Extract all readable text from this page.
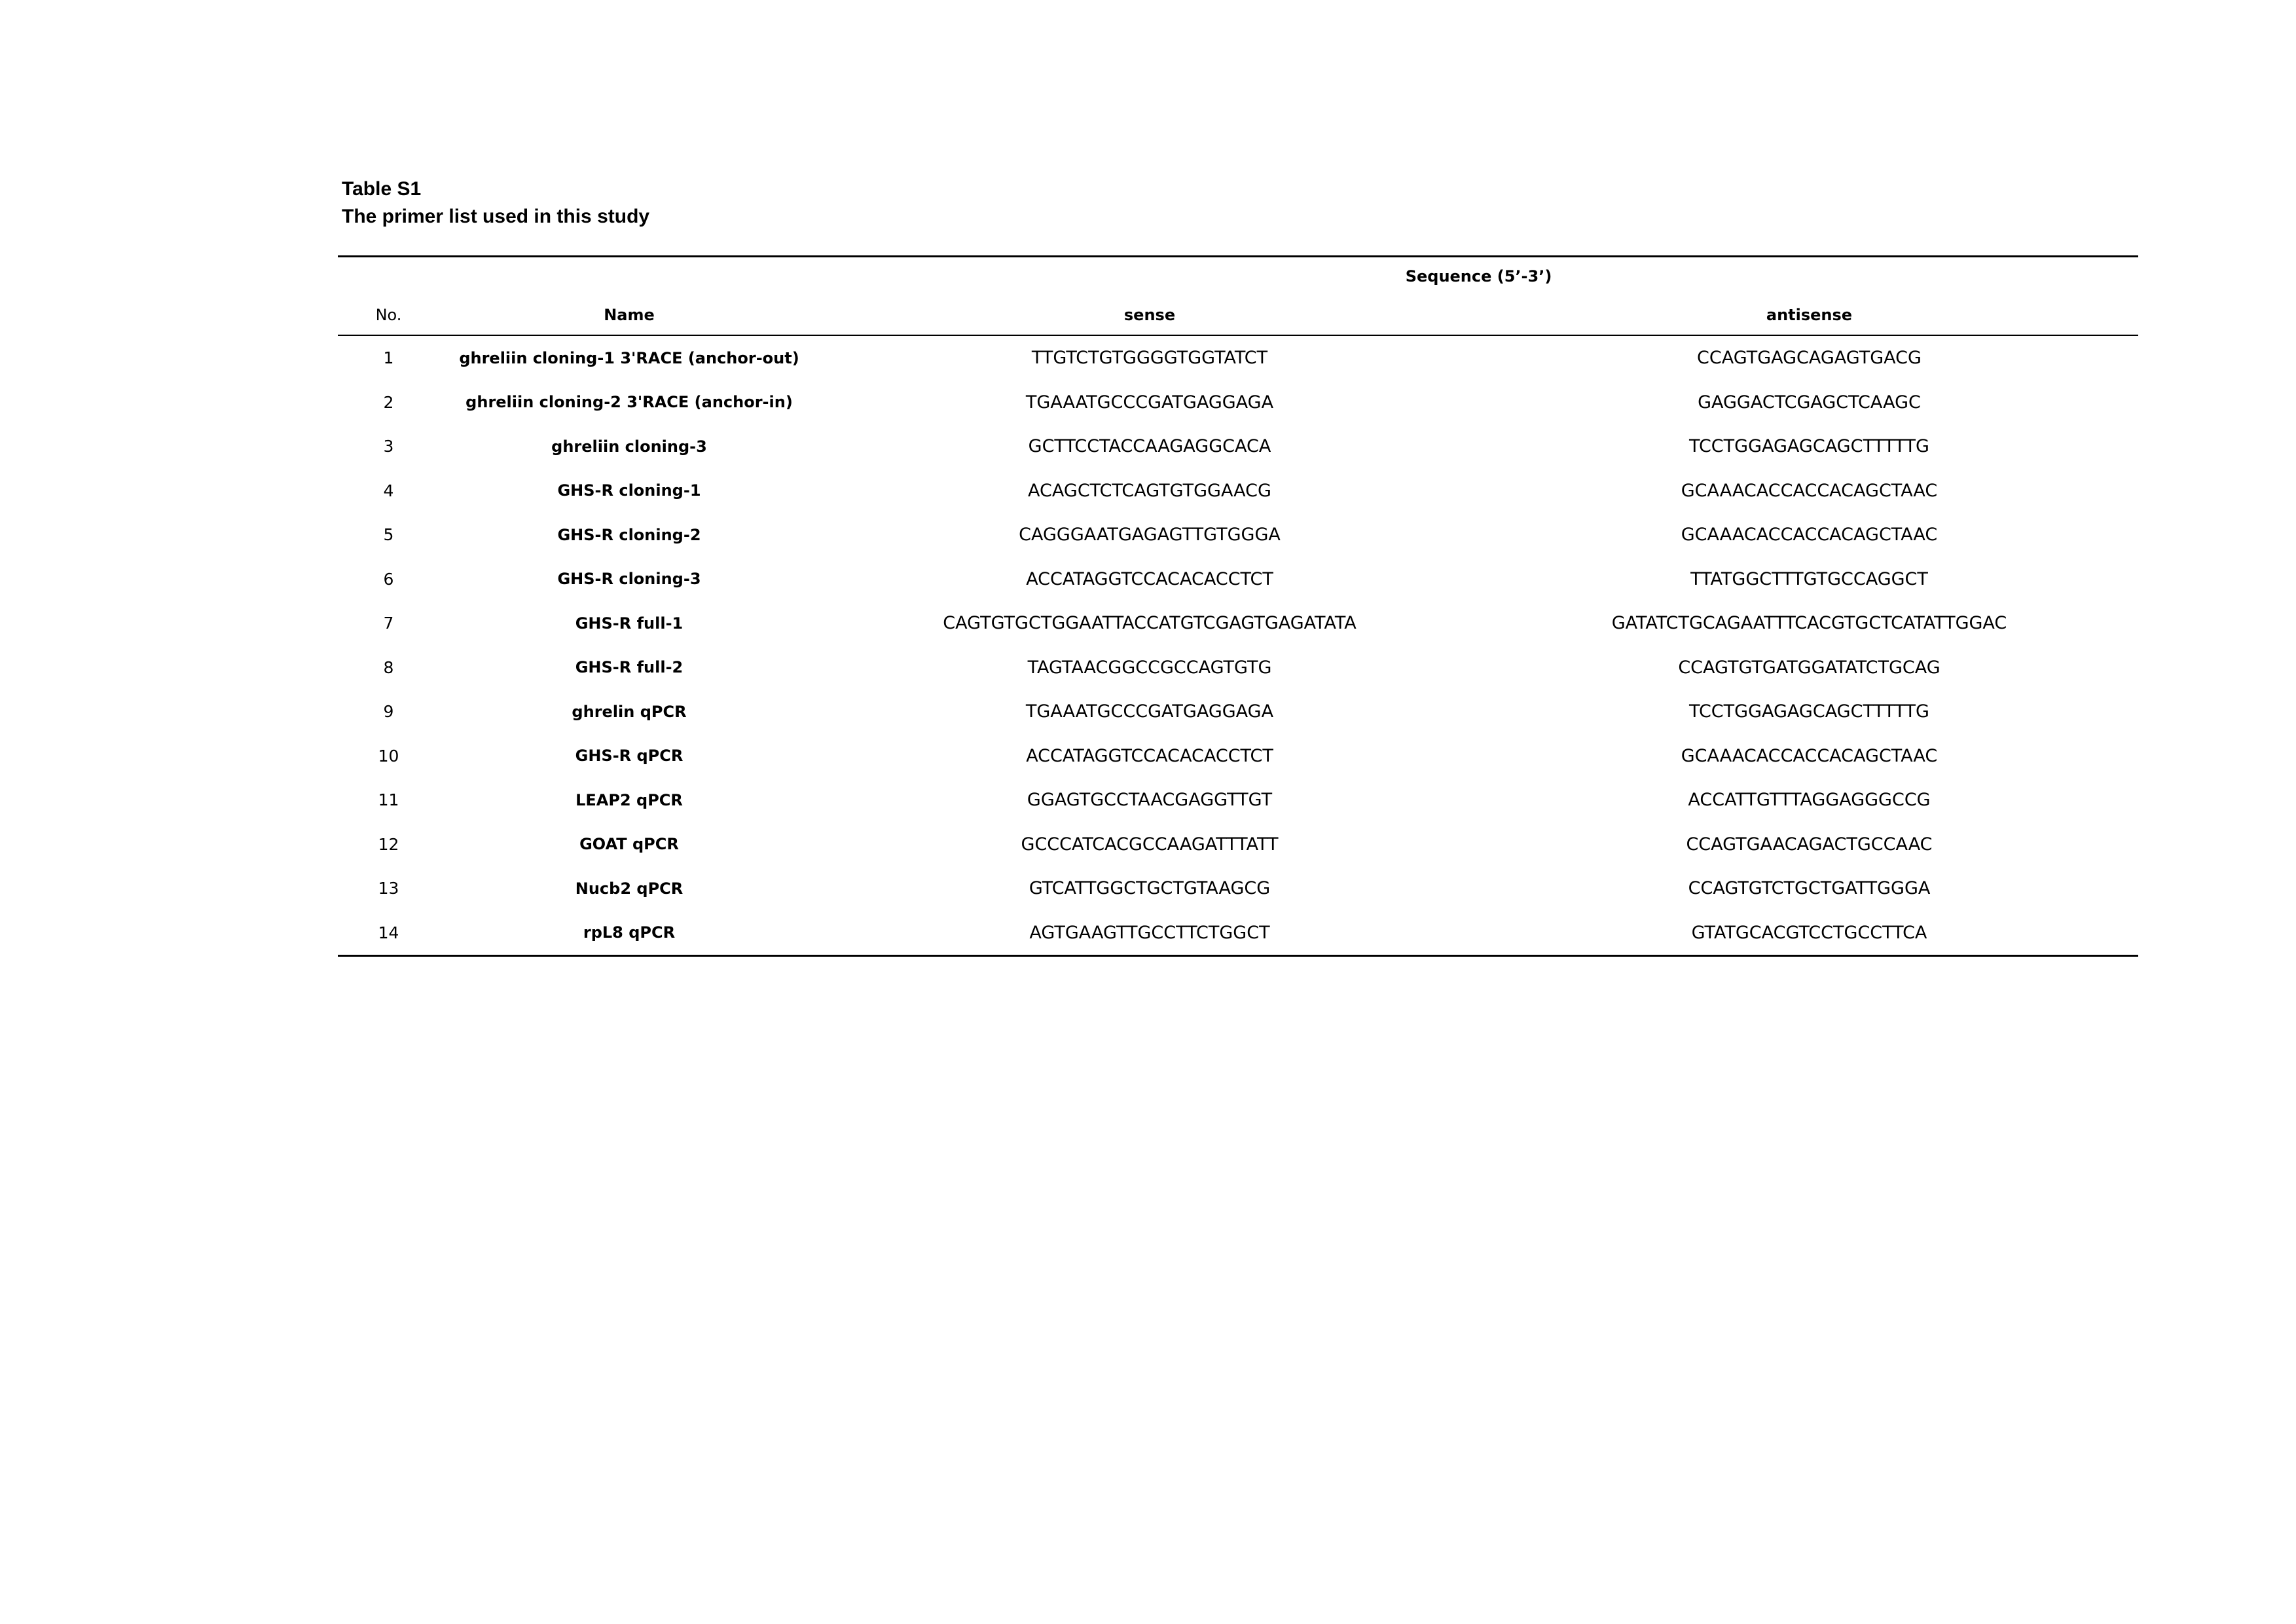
Table S1
The primer list used in this study
Sequence (5’-3’)
No.	Name	sense	antisense
1	ghreliin cloning-1 3'RACE (anchor-out)	TTGTCTGTGGGGTGGTATCT	CCAGTGAGCAGAGTGACG
2	ghreliin cloning-2 3'RACE (anchor-in)	TGAAATGCCCGATGAGGAGA	GAGGACTCGAGCTCAAGC
3	ghreliin cloning-3	GCTTCCTACCAAGAGGCACA	TCCTGGAGAGCAGCTTTTTG
4	GHS-R cloning-1	ACAGCTCTCAGTGTGGAACG	GCAAACACCACCACAGCTAAC
5	GHS-R cloning-2	CAGGGAATGAGAGTTGTGGGA	GCAAACACCACCACAGCTAAC
6	GHS-R cloning-3	ACCATAGGTCCACACACCTCT	TTATGGCTTTGTGCCAGGCT
7	GHS-R full-1	CAGTGTGCTGGAATTACCATGTCGAGTGAGATATA	GATATCTGCAGAATTTCACGTGCTCATATTGGAC
8	GHS-R full-2	TAGTAACGGCCGCCAGTGTG	CCAGTGTGATGGATATCTGCAG
9	ghrelin qPCR	TGAAATGCCCGATGAGGAGA	TCCTGGAGAGCAGCTTTTTG
10	GHS-R qPCR	ACCATAGGTCCACACACCTCT	GCAAACACCACCACAGCTAAC
11	LEAP2 qPCR	GGAGTGCCTAACGAGGTTGT	ACCATTGTTTAGGAGGGCCG
12	GOAT qPCR	GCCCATCACGCCAAGATTTATT	CCAGTGAACAGACTGCCAAC
13	Nucb2 qPCR	GTCATTGGCTGCTGTAAGCG	CCAGTGTCTGCTGATTGGGA
14	rpL8 qPCR	AGTGAAGTTGCCTTCTGGCT	GTATGCACGTCCTGCCTTCA
